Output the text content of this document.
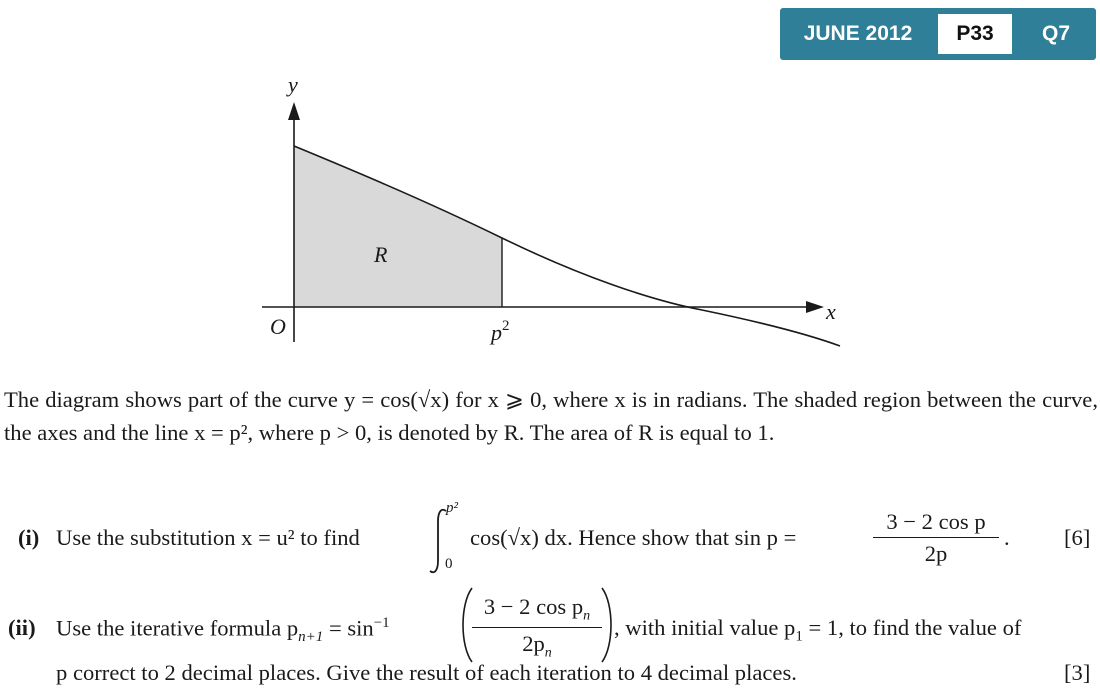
JUNE 2012	P33	Q7
y
x
O
R
$p^2$
The diagram shows part of the curve y = cos(√x) for x ⩾ 0, where x is in radians. The shaded region between the curve, the axes and the line x = p², where p > 0, is denoted by R. The area of R is equal to 1.
(i) Use the substitution x = u² to find
p²
0
cos(√x) dx. Hence show that sin p =	$\frac{\text{3 − 2 cos p}}{2p}$ . [6]
(ii) Use the iterative formula $p_{n+1} = \sin^{-1}$	$\frac{3 - 2 \cos p_n}{2p_n}$ , with initial value $p_1 = 1$, to find the value of
p correct to 2 decimal places. Give the result of each iteration to 4 decimal places.	[3]
